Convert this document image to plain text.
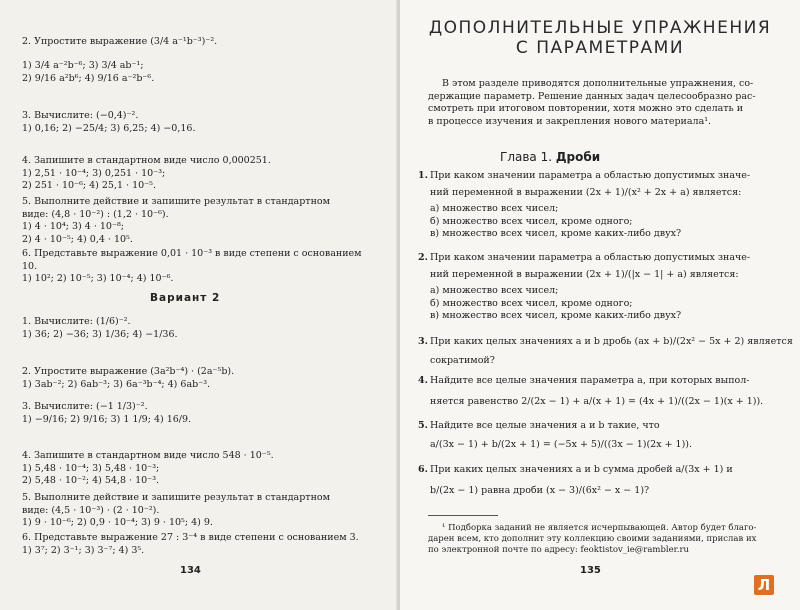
2. Упростите выражение (3/4 a⁻¹b⁻³)⁻².
1) 3/4 a⁻²b⁻⁶; 3) 3/4 ab⁻¹;
2) 9/16 a²b⁶; 4) 9/16 a⁻²b⁻⁶.
3. Вычислите: (−0,4)⁻².
1) 0,16; 2) −25/4; 3) 6,25; 4) −0,16.
4. Запишите в стандартном виде число 0,000251.
1) 2,51 · 10⁻⁴; 3) 0,251 · 10⁻³;
2) 251 · 10⁻⁶; 4) 25,1 · 10⁻⁵.
5. Выполните действие и запишите результат в стандартном
виде: (4,8 · 10⁻²) : (1,2 · 10⁻⁶).
1) 4 · 10⁴; 3) 4 · 10⁻⁸;
2) 4 · 10⁻⁵; 4) 0,4 · 10⁵.
6. Представьте выражение 0,01 · 10⁻³ в виде степени с основанием
10.
1) 10²; 2) 10⁻⁵; 3) 10⁻⁴; 4) 10⁻⁶.
Вариант 2
1. Вычислите: (1/6)⁻².
1) 36; 2) −36; 3) 1/36; 4) −1/36.
2. Упростите выражение (3a²b⁻⁴) · (2a⁻⁵b).
1) 3ab⁻²; 2) 6ab⁻³; 3) 6a⁻³b⁻⁴; 4) 6ab⁻³.
3. Вычислите: (−1 1/3)⁻².
1) −9/16; 2) 9/16; 3) 1 1/9; 4) 16/9.
4. Запишите в стандартном виде число 548 · 10⁻⁵.
1) 5,48 · 10⁻⁴; 3) 5,48 · 10⁻³;
2) 5,48 · 10⁻²; 4) 54,8 · 10⁻³.
5. Выполните действие и запишите результат в стандартном
виде: (4,5 · 10⁻³) · (2 · 10⁻²).
1) 9 · 10⁻⁶; 2) 0,9 · 10⁻⁴; 3) 9 · 10⁵; 4) 9.
6. Представьте выражение 27 : 3⁻⁴ в виде степени с основанием 3.
1) 3⁷; 2) 3⁻¹; 3) 3⁻⁷; 4) 3⁵.
134
ДОПОЛНИТЕЛЬНЫЕ УПРАЖНЕНИЯ
С ПАРАМЕТРАМИ
В этом разделе приводятся дополнительные упражнения, со-
держащие параметр. Решение данных задач целесообразно рас-
смотреть при итоговом повторении, хотя можно это сделать и
в процессе изучения и закрепления нового материала¹.
Глава 1. Дроби
1. При каком значении параметра a областью допустимых значе-
ний переменной в выражении (2x + 1)/(x² + 2x + a) является:
а) множество всех чисел;
б) множество всех чисел, кроме одного;
в) множество всех чисел, кроме каких-либо двух?
2. При каком значении параметра a областью допустимых значе-
ний переменной в выражении (2x + 1)/(|x − 1| + a) является:
а) множество всех чисел;
б) множество всех чисел, кроме одного;
в) множество всех чисел, кроме каких-либо двух?
3. При каких целых значениях a и b дробь (ax + b)/(2x² − 5x + 2) является
сократимой?
4. Найдите все целые значения параметра a, при которых выпол-
няется равенство 2/(2x − 1) + a/(x + 1) = (4x + 1)/((2x − 1)(x + 1)).
5. Найдите все целые значения a и b такие, что
a/(3x − 1) + b/(2x + 1) = (−5x + 5)/((3x − 1)(2x + 1)).
6. При каких целых значениях a и b сумма дробей a/(3x + 1) и
b/(2x − 1) равна дроби (x − 3)/(6x² − x − 1)?
¹ Подборка заданий не является исчерпывающей. Автор будет благо-
дарен всем, кто дополнит эту коллекцию своими заданиями, прислав их
по электронной почте по адресу: feoktistov_ie@rambler.ru
135
Л
